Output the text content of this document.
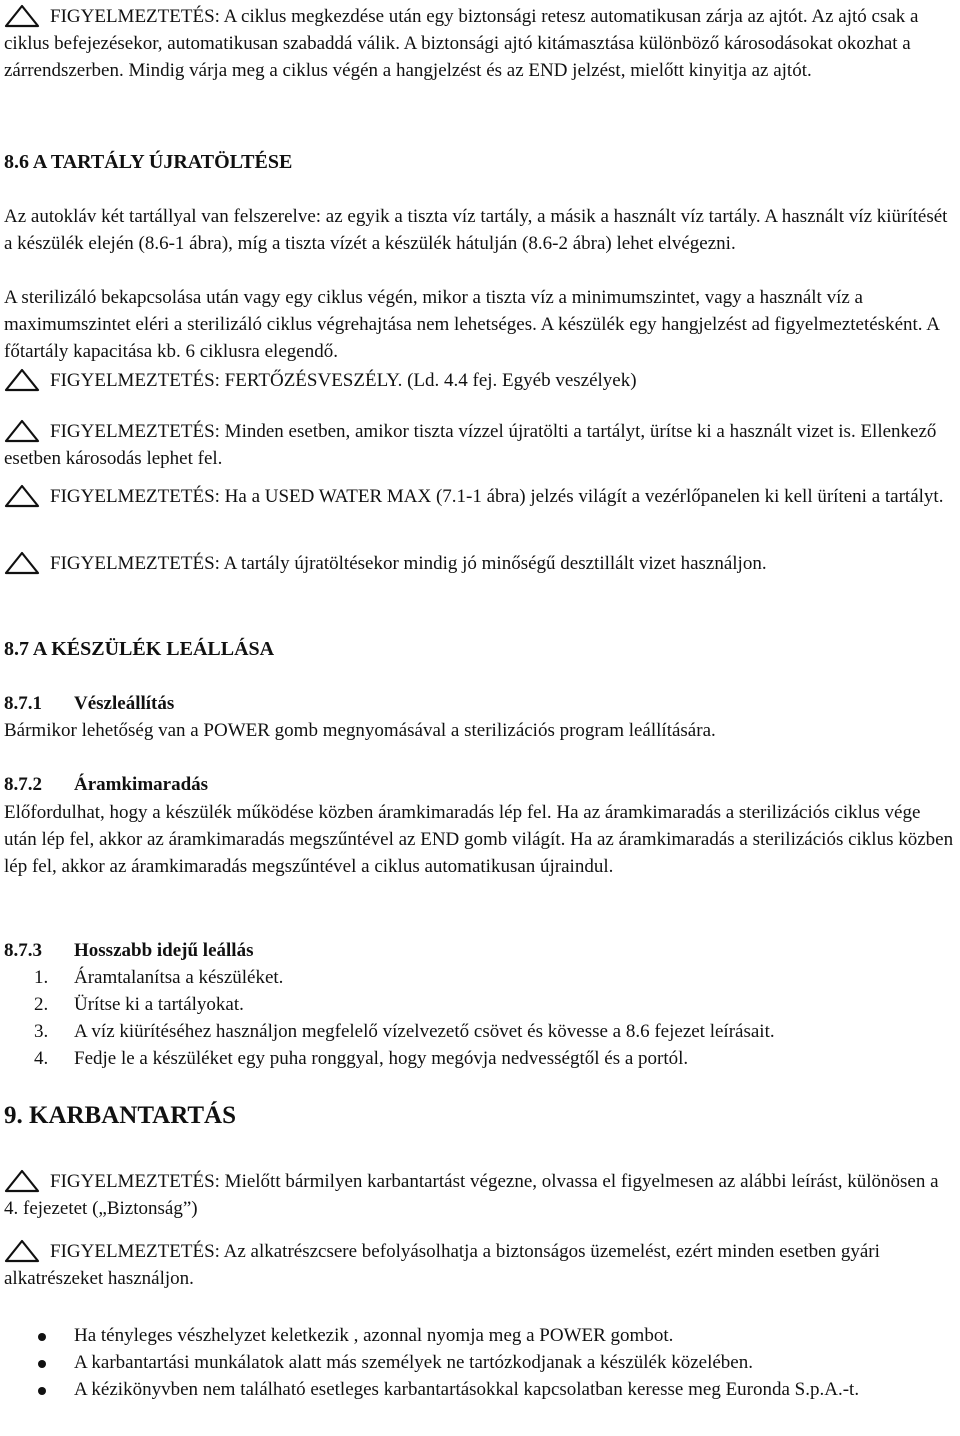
FIGYELMEZTETÉS: A ciklus megkezdése után egy biztonsági retesz automatikusan zárja az ajtót. Az ajtó csak a ciklus befejezésekor, automatikusan szabaddá válik. A biztonsági ajtó kitámasztása különböző károsodásokat okozhat a zárrendszerben. Mindig várja meg a ciklus végén a hangjelzést és az END jelzést, mielőtt kinyitja az ajtót.

8.6 A TARTÁLY ÚJRATÖLTÉSE

Az autokláv két tartállyal van felszerelve: az egyik a tiszta víz tartály, a másik a használt víz tartály. A használt víz kiürítését a készülék elején (8.6-1 ábra), míg a tiszta vízét a készülék hátulján (8.6-2 ábra) lehet elvégezni.

A sterilizáló bekapcsolása után vagy egy ciklus végén, mikor a tiszta víz a minimumszintet, vagy a használt víz a maximumszintet eléri a sterilizáló ciklus végrehajtása nem lehetséges. A készülék egy hangjelzést ad figyelmeztetésként. A főtartály kapacitása kb. 6 ciklusra elegendő.

FIGYELMEZTETÉS: FERTŐZÉSVESZÉLY. (Ld. 4.4 fej. Egyéb veszélyek)

FIGYELMEZTETÉS: Minden esetben, amikor tiszta vízzel újratölti a tartályt, ürítse ki a használt vizet is. Ellenkező esetben károsodás lephet fel.

FIGYELMEZTETÉS: Ha a USED WATER MAX (7.1-1 ábra) jelzés világít a vezérlőpanelen ki kell üríteni a tartályt.

FIGYELMEZTETÉS: A tartály újratöltésekor mindig jó minőségű desztillált vizet használjon.

8.7 A KÉSZÜLÉK LEÁLLÁSA
8.7.1 Vészleállítás

Bármikor lehetőség van a POWER gomb megnyomásával a sterilizációs program leállítására.

8.7.2 Áramkimaradás

Előfordulhat, hogy a készülék működése közben áramkimaradás lép fel. Ha az áramkimaradás a sterilizációs ciklus vége után lép fel, akkor az áramkimaradás megszűntével az END gomb világít. Ha az áramkimaradás a sterilizációs ciklus közben lép fel, akkor az áramkimaradás megszűntével a ciklus automatikusan újraindul.

8.7.3 Hosszabb idejű leállás
1.	Áramtalanítsa a készüléket.
2.	Ürítse ki a tartályokat.
3.	A víz kiürítéséhez használjon megfelelő vízelvezető csövet és kövesse a 8.6 fejezet leírásait.
4.	Fedje le a készüléket egy puha ronggyal, hogy megóvja nedvességtől és a portól.
9. KARBANTARTÁS

FIGYELMEZTETÉS: Mielőtt bármilyen karbantartást végezne, olvassa el figyelmesen az alábbi leírást, különösen a 4. fejezetet („Biztonság”)

FIGYELMEZTETÉS: Az alkatrészcsere befolyásolhatja a biztonságos üzemelést, ezért minden esetben gyári alkatrészeket használjon.

Ha tényleges vészhelyzet keletkezik , azonnal nyomja meg a POWER gombot.
A karbantartási munkálatok alatt más személyek ne tartózkodjanak a készülék közelében.
A kézikönyvben nem található esetleges karbantartásokkal kapcsolatban keresse meg Euronda S.p.A.-t.
